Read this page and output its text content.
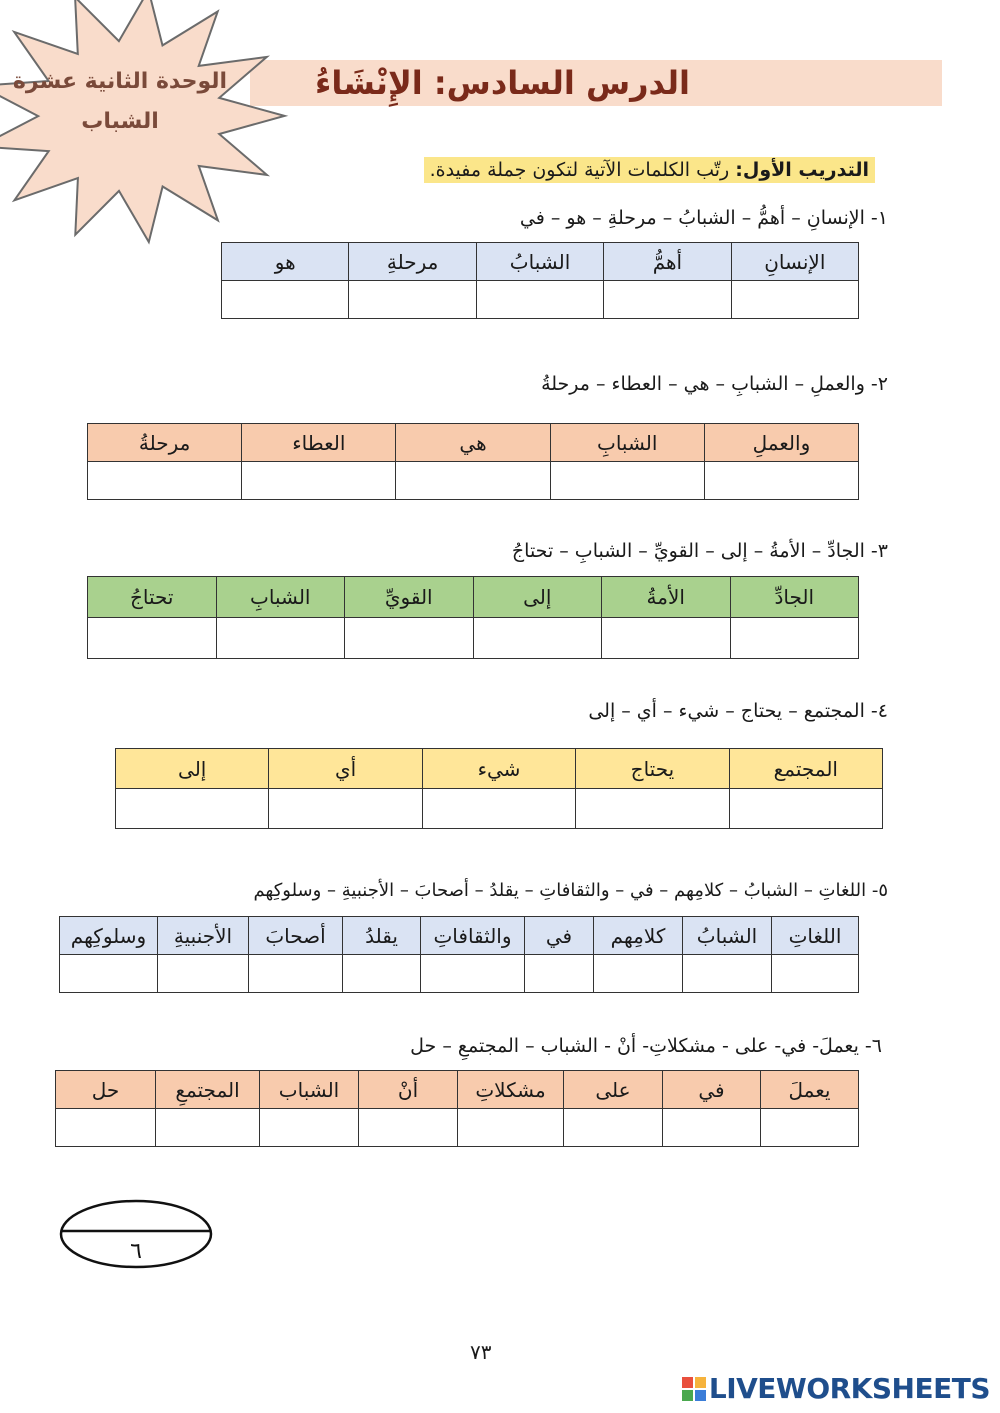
الدرس السادس: الإِنْشَاءُ
الوحدة الثانية عشرة
الشباب
التدريب الأول: رتّب الكلمات الآتية لتكون جملة مفيدة.
١- الإنسانِ – أهمُّ – الشبابُ – مرحلةِ – هو – في
الإنسانِ	أهمُّ	الشبابُ	مرحلةِ	هو

٢- والعملِ – الشبابِ – هي – العطاء – مرحلةُ
والعملِ	الشبابِ	هي	العطاء	مرحلةُ

٣- الجادِّ – الأمةُ – إلى – القويِّ – الشبابِ – تحتاجُ
الجادِّ	الأمةُ	إلى	القويِّ	الشبابِ	تحتاجُ

٤- المجتمع – يحتاج – شيء – أي – إلى
المجتمع	يحتاج	شيء	أي	إلى

٥- اللغاتِ – الشبابُ – كلامِهم – في – والثقافاتِ – يقلدُ – أصحابَ – الأجنبيةِ – وسلوكِهم
اللغاتِ	الشبابُ	كلامِهم	في	والثقافاتِ	يقلدُ	أصحابَ	الأجنبيةِ	وسلوكِهم

٦- يعملَ- في- على - مشكلاتِ- أنْ - الشباب – المجتمعِ – حل
يعملَ	في	على	مشكلاتِ	أنْ	الشباب	المجتمعِ	حل

٦
٧٣
LIVEWORKSHEETS
